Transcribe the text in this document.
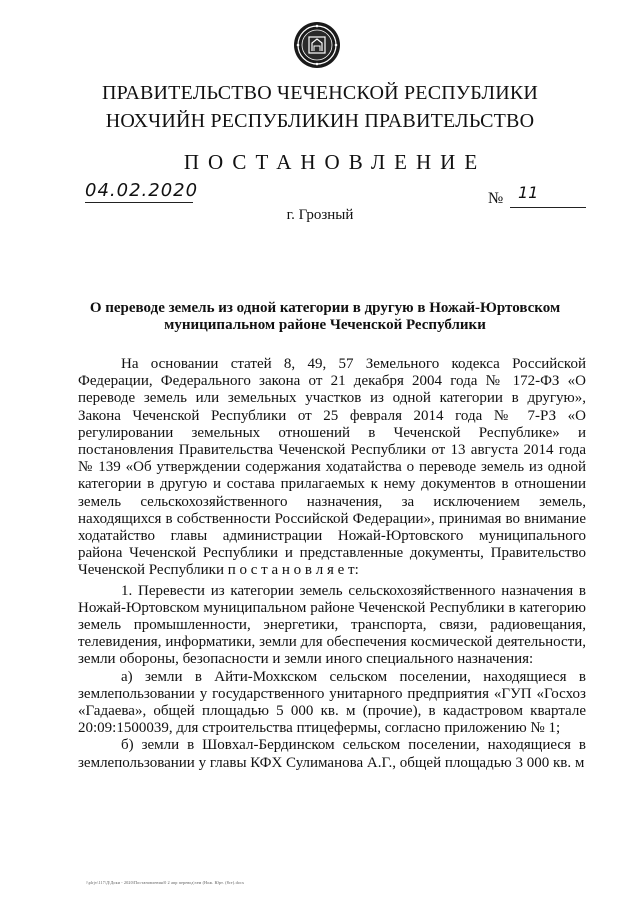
ПРАВИТЕЛЬСТВО ЧЕЧЕНСКОЙ РЕСПУБЛИКИ
НОХЧИЙН РЕСПУБЛИКИН ПРАВИТЕЛЬСТВО
ПОСТАНОВЛЕНИЕ
04.02.2020	№ 11
г. Грозный
О переводе земель из одной категории в другую в Ножай-Юртовском муниципальном районе Чеченской Республики

На основании статей 8, 49, 57 Земельного кодекса Российской Федерации, Федерального закона от 21 декабря 2004 года № 172-ФЗ «О переводе земель или земельных участков из одной категории в другую», Закона Чеченской Республики от 25 февраля 2014 года № 7-РЗ «О регулировании земельных отношений в Чеченской Республике» и постановления Правительства Чеченской Республики от 13 августа 2014 года № 139 «Об утверждении содержания ходатайства о переводе земель из одной категории в другую и состава прилагаемых к нему документов в отношении земель сельскохозяйственного назначения, за исключением земель, находящихся в собственности Российской Федерации», принимая во внимание ходатайство главы администрации Ножай-Юртовского муниципального района Чеченской Республики и представленные документы, Правительство Чеченской Республики п о с т а н о в л я е т:

1. Перевести из категории земель сельскохозяйственного назначения в Ножай-Юртовском муниципальном районе Чеченской Республики в категорию земель промышленности, энергетики, транспорта, связи, радиовещания, телевидения, информатики, земли для обеспечения космической деятельности, земли обороны, безопасности и земли иного специального назначения:

а) земли в Айти-Мохкском сельском поселении, находящиеся в землепользовании у государственного унитарного предприятия «ГУП «Госхоз «Гадаева», общей площадью 5 000 кв. м (прочие), в кадастровом квартале 20:09:1500039, для строительства птицефермы, согласно приложению № 1;

б) земли в Шовхал-Бердинском сельском поселении, находящиеся в землепользовании у главы КФХ Сулиманова А.Г., общей площадью 3 000 кв. м

\\plrjv\117\Д\Доки - 2020\Постановления\0 2 апр перевод\зем (Нож. Юрт. (8ст).docx
